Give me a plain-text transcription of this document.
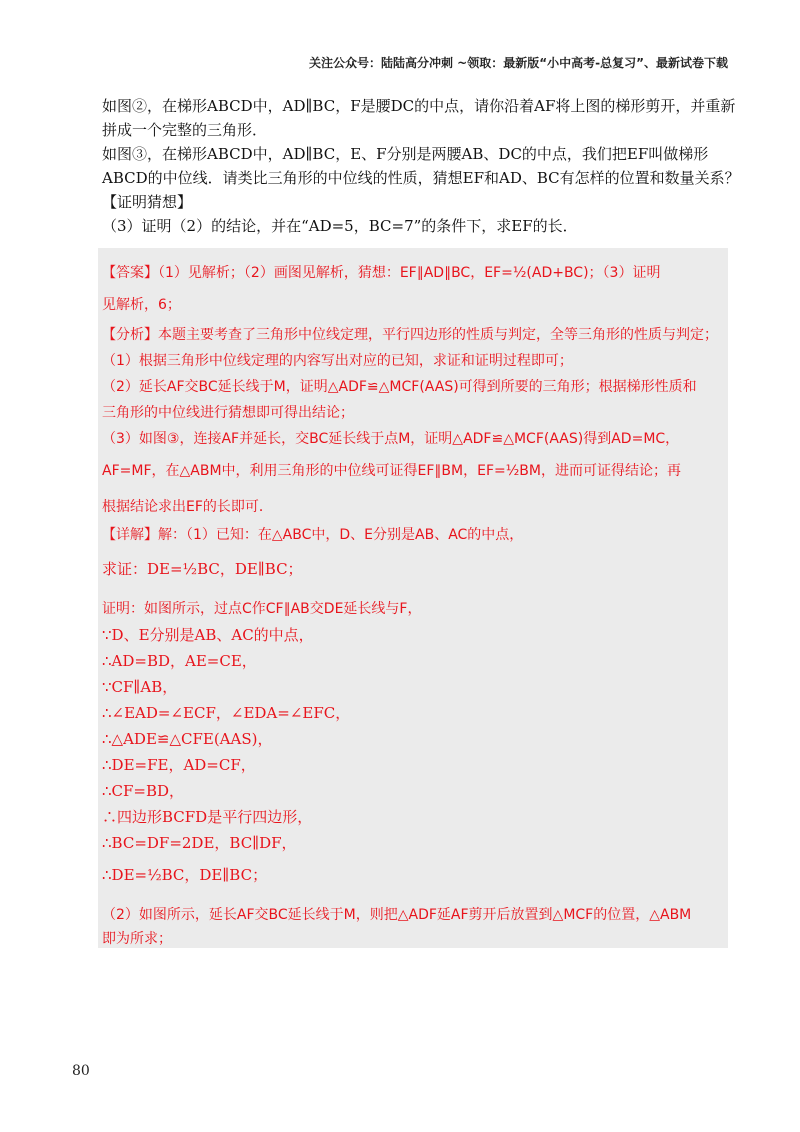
关注公众号：陆陆高分冲刺 ~领取：最新版“小中高考-总复习”、最新试卷下载

如图②，在梯形ABCD中，AD∥BC，F是腰DC的中点，请你沿着AF将上图的梯形剪开，并重新

拼成一个完整的三角形．

如图③，在梯形ABCD中，AD∥BC，E、F分别是两腰AB、DC的中点，我们把EF叫做梯形

ABCD的中位线．请类比三角形的中位线的性质，猜想EF和AD、BC有怎样的位置和数量关系？

【证明猜想】

（3）证明（2）的结论，并在“AD=5，BC=7”的条件下，求EF的长．

【答案】（1）见解析；（2）画图见解析，猜想：EF∥AD∥BC，EF=½(AD+BC)；（3）证明
见解析，6；
【分析】本题主要考查了三角形中位线定理，平行四边形的性质与判定，全等三角形的性质与判定；
（1）根据三角形中位线定理的内容写出对应的已知，求证和证明过程即可；
（2）延长AF交BC延长线于M，证明△ADF≌△MCF(AAS)可得到所要的三角形；根据梯形性质和
三角形的中位线进行猜想即可得出结论；
（3）如图③，连接AF并延长，交BC延长线于点M，证明△ADF≌△MCF(AAS)得到AD=MC，
AF=MF，在△ABM中，利用三角形的中位线可证得EF∥BM，EF=½BM，进而可证得结论；再
根据结论求出EF的长即可．
【详解】解：（1）已知：在△ABC中，D、E分别是AB、AC的中点，
求证：DE=½BC，DE∥BC；
证明：如图所示，过点C作CF∥AB交DE延长线与F，
∵D、E分别是AB、AC的中点，
∴AD=BD，AE=CE，
∵CF∥AB，
∴∠EAD=∠ECF，∠EDA=∠EFC，
∴△ADE≌△CFE(AAS)，
∴DE=FE，AD=CF，
∴CF=BD，
∴四边形BCFD是平行四边形，
∴BC=DF=2DE，BC∥DF，
∴DE=½BC，DE∥BC；
（2）如图所示，延长AF交BC延长线于M，则把△ADF延AF剪开后放置到△MCF的位置，△ABM
即为所求；
80
